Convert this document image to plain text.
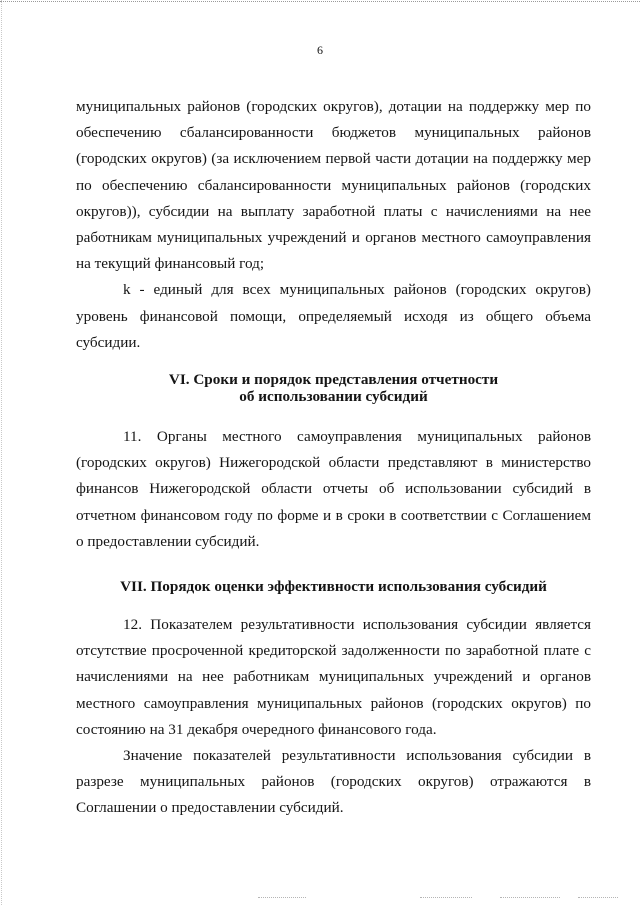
6

муниципальных районов (городских округов), дотации на поддержку мер по обеспечению сбалансированности бюджетов муниципальных районов (городских округов) (за исключением первой части дотации на поддержку мер по обеспечению сбалансированности муниципальных районов (городских округов)), субсидии на выплату заработной платы с начислениями на нее работникам муниципальных учреждений и органов местного самоуправления на текущий финансовый год;

k - единый для всех муниципальных районов (городских округов) уровень финансовой помощи, определяемый исходя из общего объема субсидии.

VI. Сроки и порядок представления отчетности
об использовании субсидий

11. Органы местного самоуправления муниципальных районов (городских округов) Нижегородской области представляют в министерство финансов Нижегородской области отчеты об использовании субсидий в отчетном финансовом году по форме и в сроки в соответствии с Соглашением о предоставлении субсидий.

VII. Порядок оценки эффективности использования субсидий

12. Показателем результативности использования субсидии является отсутствие просроченной кредиторской задолженности по заработной плате с начислениями на нее работникам муниципальных учреждений и органов местного самоуправления муниципальных районов (городских округов) по состоянию на 31 декабря очередного финансового года.

Значение показателей результативности использования субсидии в разрезе муниципальных районов (городских округов) отражаются в Соглашении о предоставлении субсидий.
